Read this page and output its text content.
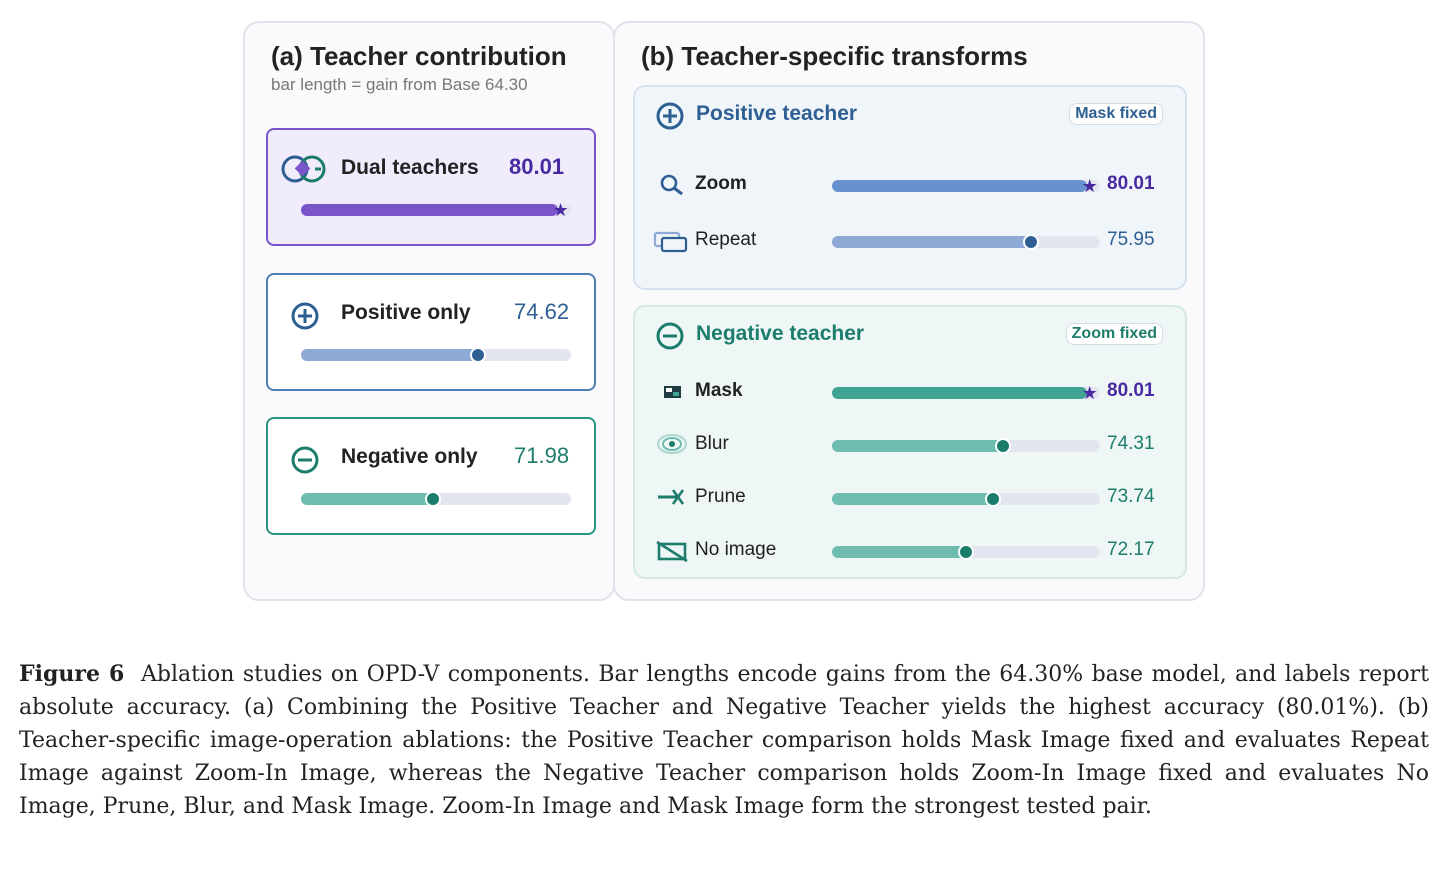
(a) Teacher contribution
bar length = gain from Base 64.30
Dual teachers 80.01
★
Positive only 74.62
Negative only 71.98
(b) Teacher-specific transforms
Positive teacher	Mask fixed
Zoom	★ 80.01
Repeat	75.95
Negative teacher	Zoom fixed
Mask	★ 80.01
Blur	74.31
Prune	73.74
No image	72.17
Figure 6 Ablation studies on OPD-V components. Bar lengths encode gains from the 64.30% base model, and labels report absolute accuracy. (a) Combining the Positive Teacher and Negative Teacher yields the highest accuracy (80.01%). (b) Teacher-specific image-operation ablations: the Positive Teacher comparison holds Mask Image fixed and evaluates Repeat Image against Zoom-In Image, whereas the Negative Teacher comparison holds Zoom-In Image fixed and evaluates No Image, Prune, Blur, and Mask Image. Zoom-In Image and Mask Image form the strongest tested pair.
